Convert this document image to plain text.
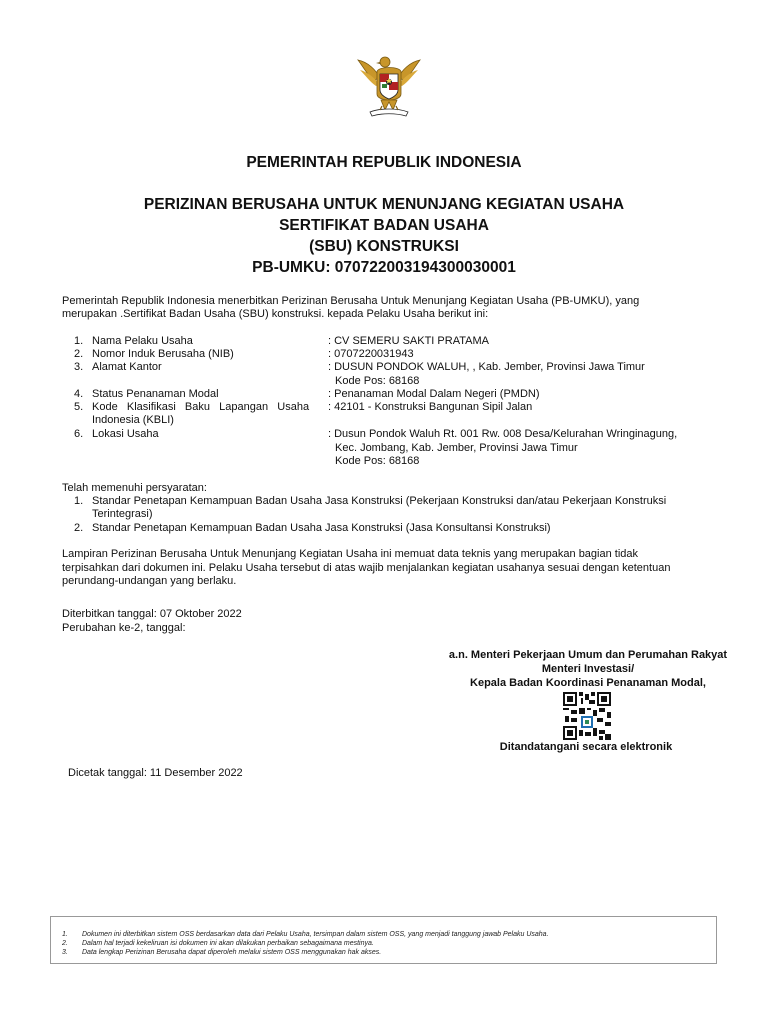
PEMERINTAH REPUBLIK INDONESIA
PERIZINAN BERUSAHA UNTUK MENUNJANG KEGIATAN USAHA
SERTIFIKAT BADAN USAHA
(SBU) KONSTRUKSI
PB-UMKU: 070722003194300030001
Pemerintah Republik Indonesia menerbitkan Perizinan Berusaha Untuk Menunjang Kegiatan Usaha (PB-UMKU), yang
merupakan .Sertifikat Badan Usaha (SBU) konstruksi. kepada Pelaku Usaha berikut ini:
1. Nama Pelaku Usaha	: CV SEMERU SAKTI PRATAMA
2. Nomor Induk Berusaha (NIB)	: 0707220031943
3. Alamat Kantor	: DUSUN PONDOK WALUH, , Kab. Jember, Provinsi Jawa Timur
Kode Pos: 68168
4. Status Penanaman Modal	: Penanaman Modal Dalam Negeri (PMDN)
5. Kode   Klasifikasi   Baku   Lapangan   Usaha
Indonesia (KBLI)
: 42101 - Konstruksi Bangunan Sipil Jalan
6. Lokasi Usaha	: Dusun Pondok Waluh Rt. 001 Rw. 008 Desa/Kelurahan Wringinagung,
Kec. Jombang, Kab. Jember, Provinsi Jawa Timur
Kode Pos: 68168
Telah memenuhi persyaratan:
1. Standar Penetapan Kemampuan Badan Usaha Jasa Konstruksi (Pekerjaan Konstruksi dan/atau Pekerjaan Konstruksi
Terintegrasi)
2. Standar Penetapan Kemampuan Badan Usaha Jasa Konstruksi (Jasa Konsultansi Konstruksi)
Lampiran Perizinan Berusaha Untuk Menunjang Kegiatan Usaha ini memuat data teknis yang merupakan bagian tidak
terpisahkan dari dokumen ini. Pelaku Usaha tersebut di atas wajib menjalankan kegiatan usahanya sesuai dengan ketentuan
perundang-undangan yang berlaku.
Diterbitkan tanggal: 07 Oktober 2022
Perubahan ke-2, tanggal:
a.n. Menteri Pekerjaan Umum dan Perumahan Rakyat
Menteri Investasi/
Kepala Badan Koordinasi Penanaman Modal,
Ditandatangani secara elektronik
Dicetak tanggal: 11 Desember 2022
1. Dokumen ini diterbitkan sistem OSS berdasarkan data dari Pelaku Usaha, tersimpan dalam sistem OSS, yang menjadi tanggung jawab Pelaku Usaha.
2. Dalam hal terjadi kekeliruan isi dokumen ini akan dilakukan perbaikan sebagaimana mestinya.
3. Data lengkap Perizinan Berusaha dapat diperoleh melalui sistem OSS menggunakan hak akses.
